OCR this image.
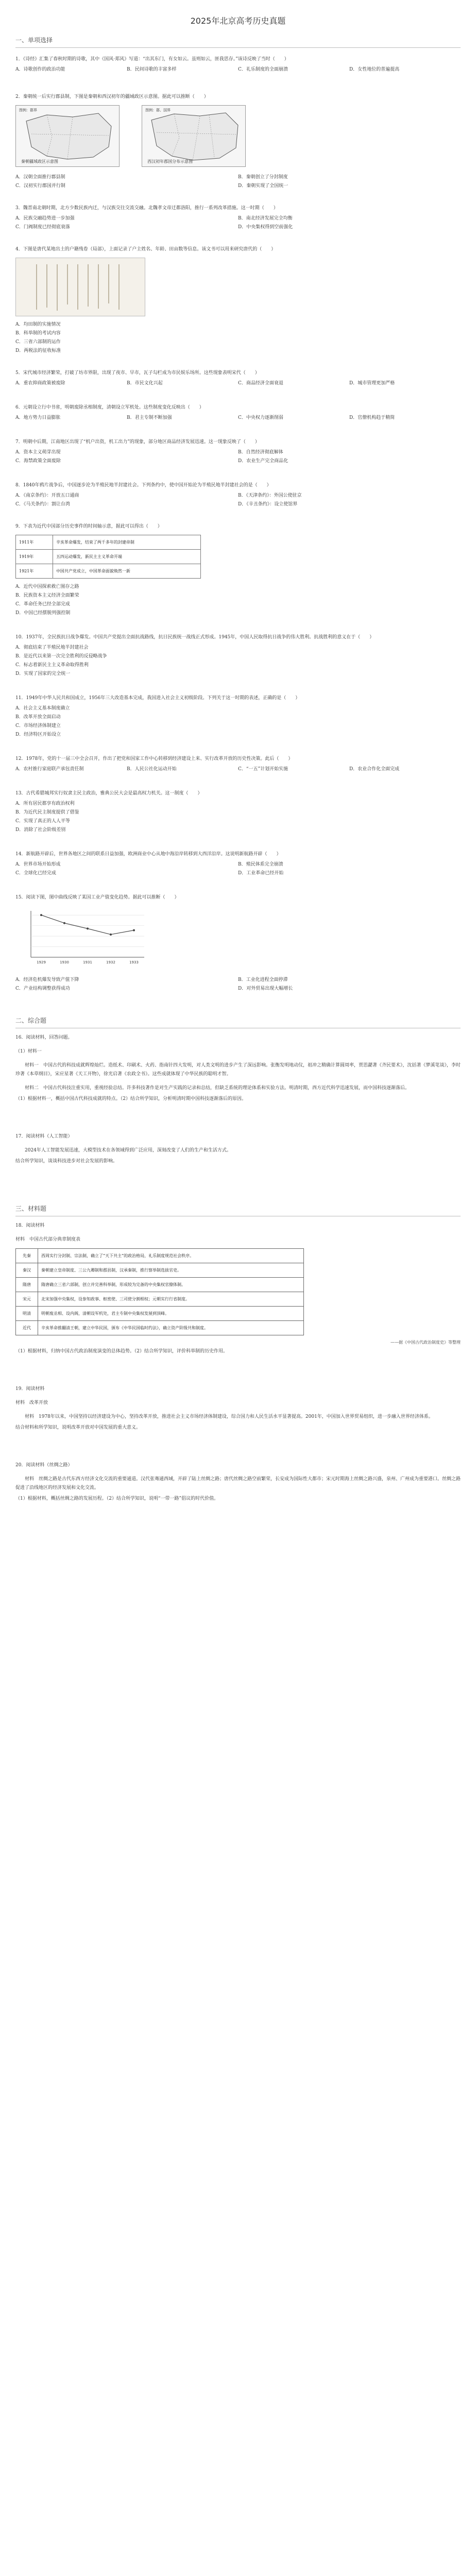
2025年北京高考历史真题
一、单项选择
1．《诗经》汇集了春秋时期的诗歌，其中《国风·郑风》写道：“出其东门，有女如云。虽则如云，匪我思存。”该诗反映了当时（　　）
A．诗歌创作的政治功能	B．民间诗歌的丰富多样	C．礼乐制度的全面崩溃	D．女性地位的普遍提高
2．秦朝统一后实行郡县制，下图是秦朝和西汉初年的疆域政区示意图。据此可以推断（　　）
图例：郡界
秦朝疆域政区示意图

图例：郡、国界
西汉初年郡国分布示意图
A．汉朝全面推行郡县制	B．秦朝创立了分封制度
C．汉初实行郡国并行制	D．秦朝实现了全国统一
3．魏晋南北朝时期，北方少数民族内迁，与汉族交往交流交融。北魏孝文帝迁都洛阳，推行一系列改革措施。这一时期（　　）
A．民族交融趋势进一步加强	B．南北经济发展完全均衡
C．门阀制度已经彻底衰落	D．中央集权得到空前强化
4．下图是唐代某地出土的户籍残卷（局部），上面记录了户主姓名、年龄、田亩数等信息。该文书可以用来研究唐代的（　　）
A．均田制的实施情况
B．科举制的考试内容
C．三省六部制的运作
D．两税法的征收标准
5．宋代城市经济繁荣，打破了坊市界限，出现了夜市、早市，瓦子勾栏成为市民娱乐场所。这些现象表明宋代（　　）
A．重农抑商政策被废除	B．市民文化兴起	C．商品经济全面衰退	D．城市管理更加严格
6．元朝设立行中书省，明朝废除丞相制度，清朝设立军机处。这些制度变化反映出（　　）
A．地方势力日益膨胀	B．君主专制不断加强	C．中央权力逐渐削弱	D．官僚机构趋于精简
7．明朝中后期，江南地区出现了“机户出资，机工出力”的现象，部分地区商品经济发展迅速。这一现象反映了（　　）
A．资本主义萌芽出现	B．自然经济彻底解体
C．海禁政策全面废除	D．农业生产完全商品化
8．1840年鸦片战争后，中国逐步沦为半殖民地半封建社会。下列条约中，使中国开始沦为半殖民地半封建社会的是（　　）
A．《南京条约》：开放五口通商	B．《天津条约》：外国公使驻京
C．《马关条约》：割让台湾	D．《辛丑条约》：设立使馆界
9．下表为近代中国部分历史事件的时间轴示意，据此可以得出（　　）
1911年	辛亥革命爆发，结束了两千多年的封建帝制
1919年	五四运动爆发，新民主主义革命开端
1921年	中国共产党成立，中国革命面貌焕然一新
A．近代中国探索救亡图存之路
B．民族资本主义经济全面繁荣
C．革命任务已经全部完成
D．中国已经摆脱列强控制
10．1937年，全民族抗日战争爆发。中国共产党提出全面抗战路线，抗日民族统一战线正式形成。1945年，中国人民取得抗日战争的伟大胜利。抗战胜利的意义在于（　　）
A．彻底结束了半殖民地半封建社会
B．是近代以来第一次完全胜利的反侵略战争
C．标志着新民主主义革命取得胜利
D．实现了国家的完全统一
11．1949年中华人民共和国成立，1956年三大改造基本完成，我国进入社会主义初级阶段。下列关于这一时期的表述，正确的是（　　）
A．社会主义基本制度确立
B．改革开放全面启动
C．市场经济体制建立
D．经济特区开始设立
12．1978年，党的十一届三中全会召开，作出了把党和国家工作中心转移到经济建设上来、实行改革开放的历史性决策。此后（　　）
A．农村推行家庭联产承包责任制	B．人民公社化运动开始	C．“一五”计划开始实施	D．农业合作化全面完成
13．古代希腊城邦实行奴隶主民主政治，雅典公民大会是最高权力机关。这一制度（　　）
A．所有居民都享有政治权利
B．为近代民主制度提供了借鉴
C．实现了真正的人人平等
D．消除了社会阶级差别
14．新航路开辟后，世界各地区之间的联系日益加强，欧洲商业中心从地中海沿岸转移到大西洋沿岸。这说明新航路开辟（　　）
A．世界市场开始形成	B．殖民体系完全崩溃
C．全球化已经完成	D．工业革命已经开始
15．阅读下图，图中曲线反映了某国工业产值变化趋势。据此可以推断（　　）
1929	1930	1931	1932	1933
A．经济危机爆发导致产值下降	B．工业化进程全面停滞
C．产业结构调整获得成功	D．对外贸易出现大幅增长
二、综合题
16．阅读材料，回答问题。
（1）材料一
材料一　中国古代的科技成就辉煌灿烂。造纸术、印刷术、火药、指南针四大发明，对人类文明的进步产生了深远影响。张衡发明地动仪，祖冲之精确计算圆周率，贾思勰著《齐民要术》，沈括著《梦溪笔谈》，李时珍著《本草纲目》，宋应星著《天工开物》，徐光启著《农政全书》。这些成就体现了中华民族的聪明才智。
材料二　中国古代科技注重实用，重视经验总结。许多科技著作是对生产实践的记录和总结，但缺乏系统的理论体系和实验方法。明清时期，西方近代科学迅速发展，而中国科技逐渐落后。
（1）根据材料一，概括中国古代科技成就的特点。（2）结合所学知识，分析明清时期中国科技逐渐落后的原因。
17．阅读材料（人工智能）
2024年人工智能发展迅速，大模型技术在各领域得到广泛应用，深刻改变了人们的生产和生活方式。
结合所学知识，谈谈科技进步对社会发展的影响。
三、材料题
18．阅读材料
材料　中国古代部分典章制度表
先秦	西周实行分封制、宗法制，确立了“天下共主”的政治格局，礼乐制度规范社会秩序。
秦汉	秦朝建立皇帝制度、三公九卿制和郡县制，汉承秦制，推行察举制选拔官吏。
隋唐	隋唐确立三省六部制，创立并完善科举制，形成较为完备的中央集权官僚体制。
宋元	北宋加强中央集权，设参知政事、枢密使、三司使分割相权；元朝实行行省制度。
明清	明朝废丞相、设内阁，清朝设军机处，君主专制中央集权发展到顶峰。
近代	辛亥革命推翻清王朝，建立中华民国，颁布《中华民国临时约法》，确立资产阶级共和制度。
——据《中国古代政治制度史》等整理
（1）根据材料，归纳中国古代政治制度演变的总体趋势。（2）结合所学知识，评价科举制的历史作用。
19．阅读材料
材料　改革开放
材料　1978年以来，中国坚持以经济建设为中心，坚持改革开放，推进社会主义市场经济体制建设，综合国力和人民生活水平显著提高。2001年，中国加入世界贸易组织，进一步融入世界经济体系。
结合材料和所学知识，说明改革开放对中国发展的重大意义。
20．阅读材料（丝绸之路）
材料　丝绸之路是古代东西方经济文化交流的重要通道。汉代张骞通西域，开辟了陆上丝绸之路；唐代丝绸之路空前繁荣，长安成为国际性大都市；宋元时期海上丝绸之路兴盛，泉州、广州成为重要港口。丝绸之路促进了沿线地区的经济发展和文化交流。
（1）根据材料，概括丝绸之路的发展历程。（2）结合所学知识，说明“一带一路”倡议的时代价值。
